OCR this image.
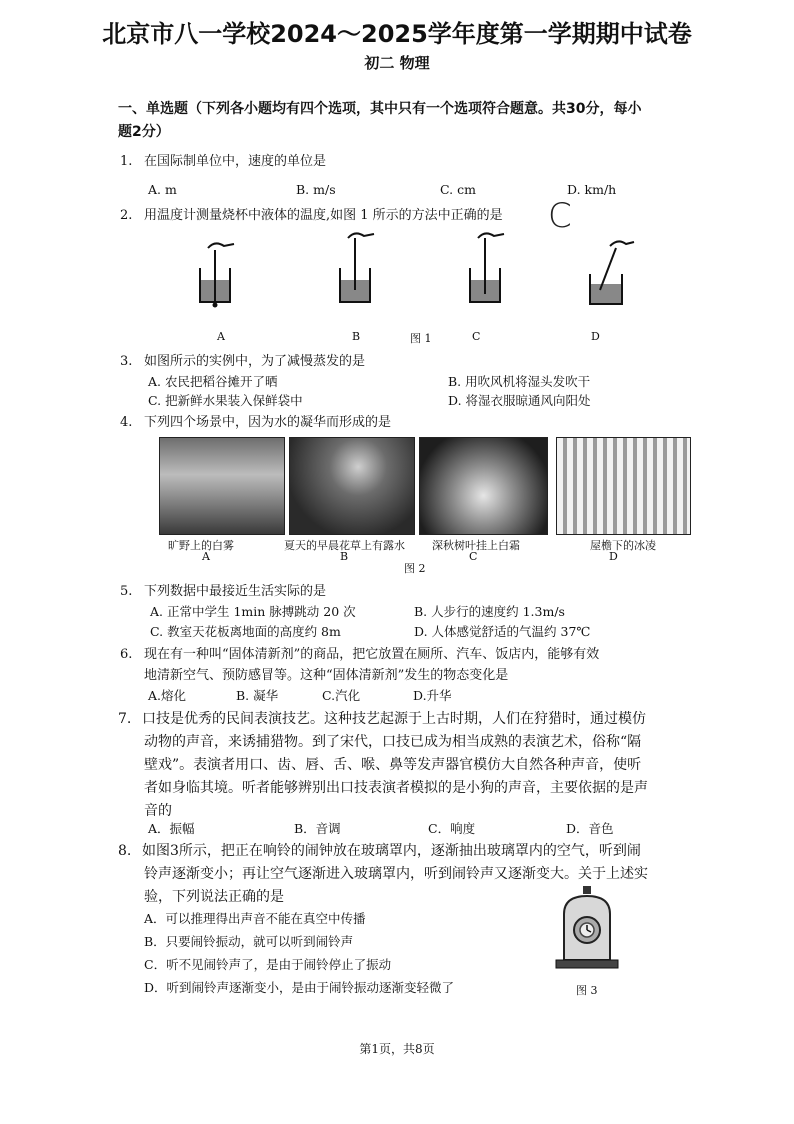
北京市八一学校2024～2025学年度第一学期期中试卷
初二 物理
一、单选题（下列各小题均有四个选项，其中只有一个选项符合题意。共30分，每小
题2分）
1. 在国际制单位中，速度的单位是
A. m	B. m/s	C. cm	D. km/h
2. 用温度计测量烧杯中液体的温度,如图 1 所示的方法中正确的是 C
A	B	图 1	C	D
3. 如图所示的实例中，为了减慢蒸发的是
A. 农民把稻谷摊开了晒	B. 用吹风机将湿头发吹干
C. 把新鲜水果装入保鲜袋中	D. 将湿衣服晾通风向阳处
4. 下列四个场景中，因为水的凝华而形成的是
旷野上的白雾	夏天的早晨花草上有露水 深秋树叶挂上白霜	屋檐下的冰凌
A	B	C	D
图 2
5. 下列数据中最接近生活实际的是
A. 正常中学生 1min 脉搏跳动 20 次	B. 人步行的速度约 1.3m/s
C. 教室天花板离地面的高度约 8m	D. 人体感觉舒适的气温约 37℃
6. 现在有一种叫“固体清新剂”的商品，把它放置在厕所、汽车、饭店内，能够有效
地清新空气、预防感冒等。这种“固体清新剂”发生的物态变化是
A.熔化	B. 凝华	C.汽化	D.升华
7. 口技是优秀的民间表演技艺。这种技艺起源于上古时期，人们在狩猎时，通过模仿
动物的声音，来诱捕猎物。到了宋代，口技已成为相当成熟的表演艺术，俗称“隔
壁戏”。表演者用口、齿、唇、舌、喉、鼻等发声器官模仿大自然各种声音，使听
者如身临其境。听者能够辨别出口技表演者模拟的是小狗的声音，主要依据的是声
音的
A．振幅	B．音调	C．响度	D．音色
8. 如图3所示，把正在响铃的闹钟放在玻璃罩内，逐渐抽出玻璃罩内的空气，听到闹
铃声逐渐变小；再让空气逐渐进入玻璃罩内，听到闹铃声又逐渐变大。关于上述实
验，下列说法正确的是
A．可以推理得出声音不能在真空中传播
B．只要闹铃振动，就可以听到闹铃声
C．听不见闹铃声了，是由于闹铃停止了振动
D．听到闹铃声逐渐变小，是由于闹铃振动逐渐变轻微了	图 3
第1页，共8页
